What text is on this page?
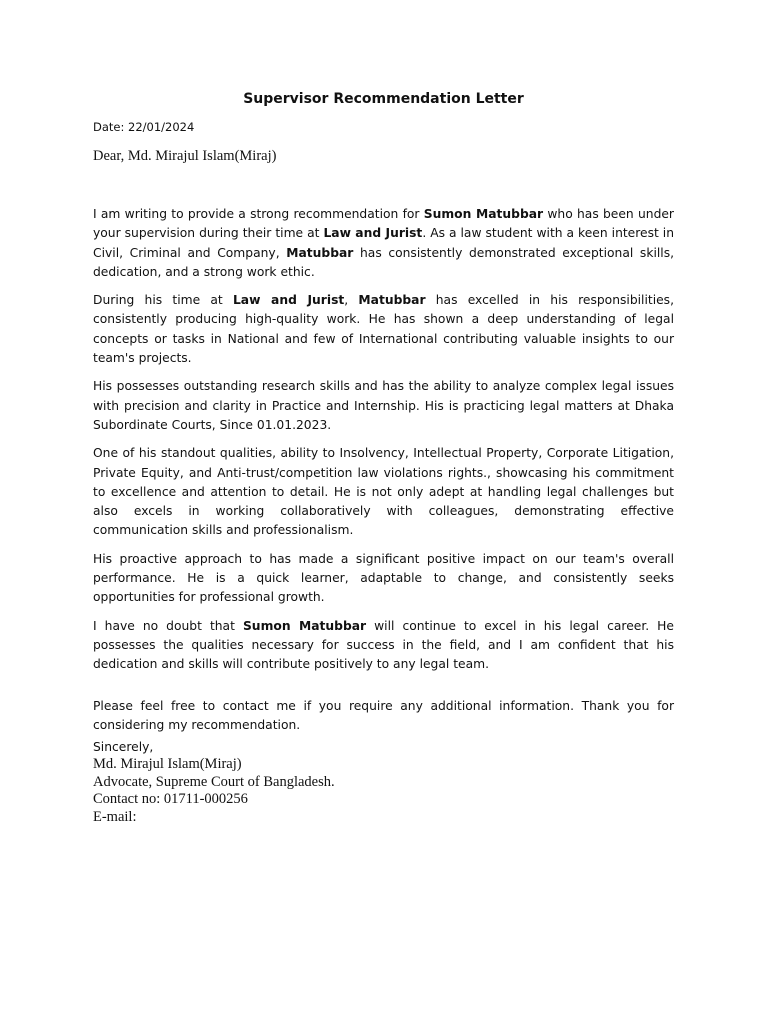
Supervisor Recommendation Letter
Date: 22/01/2024
Dear, Md. Mirajul Islam(Miraj)

I am writing to provide a strong recommendation for Sumon Matubbar who has been under your supervision during their time at Law and Jurist. As a law student with a keen interest in Civil, Criminal and Company, Matubbar has consistently demonstrated exceptional skills, dedication, and a strong work ethic.

During his time at Law and Jurist, Matubbar has excelled in his responsibilities, consistently producing high-quality work. He has shown a deep understanding of legal concepts or tasks in National and few of International contributing valuable insights to our team's projects.

His possesses outstanding research skills and has the ability to analyze complex legal issues with precision and clarity in Practice and Internship. His is practicing legal matters at Dhaka Subordinate Courts, Since 01.01.2023.

One of his standout qualities, ability to Insolvency, Intellectual Property, Corporate Litigation, Private Equity, and Anti-trust/competition law violations rights., showcasing his commitment to excellence and attention to detail. He is not only adept at handling legal challenges but also excels in working collaboratively with colleagues, demonstrating effective communication skills and professionalism.

His proactive approach to has made a significant positive impact on our team's overall performance. He is a quick learner, adaptable to change, and consistently seeks opportunities for professional growth.

I have no doubt that Sumon Matubbar will continue to excel in his legal career. He possesses the qualities necessary for success in the field, and I am confident that his dedication and skills will contribute positively to any legal team.

Please feel free to contact me if you require any additional information. Thank you for considering my recommendation.

Sincerely,
Md. Mirajul Islam(Miraj)
Advocate, Supreme Court of Bangladesh.
Contact no: 01711-000256
E-mail:
